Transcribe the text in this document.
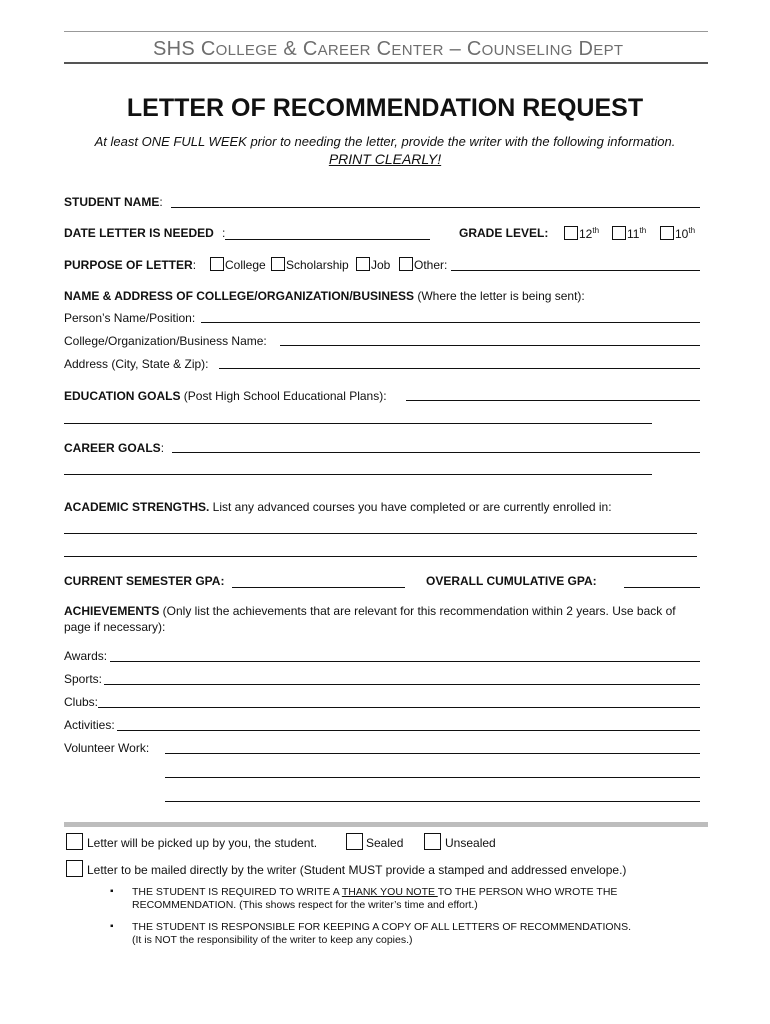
SHS COLLEGE & CAREER CENTER – COUNSELING DEPT
LETTER OF RECOMMENDATION REQUEST
At least ONE FULL WEEK prior to needing the letter, provide the writer with the following information.
PRINT CLEARLY!
STUDENT NAME:
DATE LETTER IS NEEDED :	GRADE LEVEL:	12th 11th 10th
PURPOSE OF LETTER: College Scholarship Job Other:
NAME & ADDRESS OF COLLEGE/ORGANIZATION/BUSINESS (Where the letter is being sent):
Person’s Name/Position:
College/Organization/Business Name:
Address (City, State & Zip):
EDUCATION GOALS (Post High School Educational Plans):
CAREER GOALS:
ACADEMIC STRENGTHS. List any advanced courses you have completed or are currently enrolled in:
CURRENT SEMESTER GPA:	OVERALL CUMULATIVE GPA:
ACHIEVEMENTS (Only list the achievements that are relevant for this recommendation within 2 years. Use back of
page if necessary):
Awards:
Sports:
Clubs:
Activities:
Volunteer Work:
Letter will be picked up by you, the student.	Sealed	Unsealed
Letter to be mailed directly by the writer (Student MUST provide a stamped and addressed envelope.)
▪ THE STUDENT IS REQUIRED TO WRITE A THANK YOU NOTE TO THE PERSON WHO WROTE THE
RECOMMENDATION. (This shows respect for the writer’s time and effort.)
▪ THE STUDENT IS RESPONSIBLE FOR KEEPING A COPY OF ALL LETTERS OF RECOMMENDATIONS.
(It is NOT the responsibility of the writer to keep any copies.)
